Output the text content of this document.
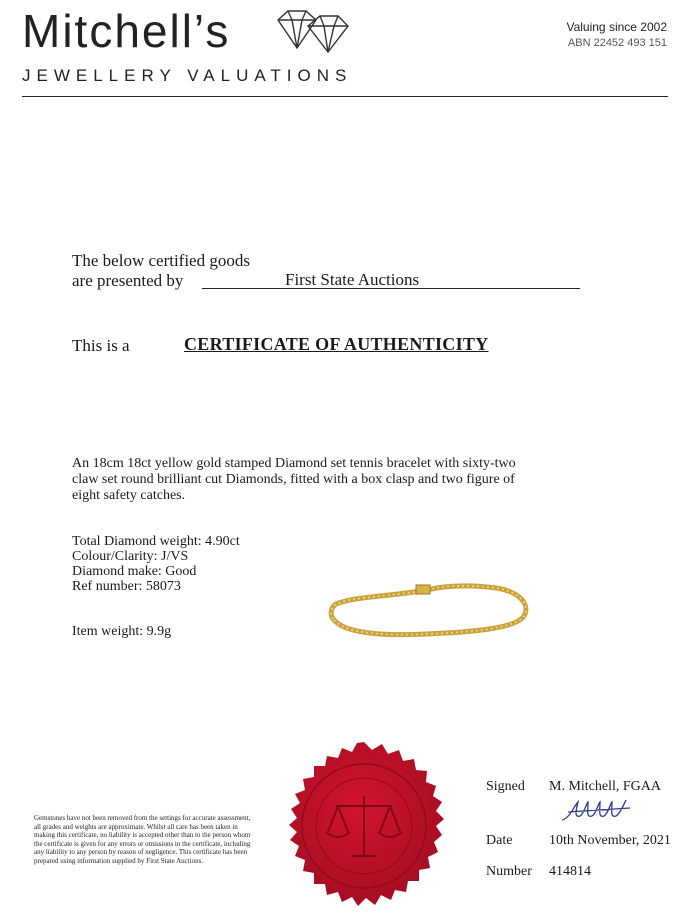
Mitchell’s
JEWELLERY VALUATIONS
Valuing since 2002
ABN 22452 493 151
The below certified goods
are presented by	First State Auctions
This is a	CERTIFICATE OF AUTHENTICITY
An 18cm 18ct yellow gold stamped Diamond set tennis bracelet with sixty-two claw set round brilliant cut Diamonds, fitted with a box clasp and two figure of eight safety catches.
Total Diamond weight: 4.90ct
Colour/Clarity: J/VS
Diamond make: Good
Ref number: 58073
Item weight: 9.9g
Signed M. Mitchell, FGAA
Date	10th November, 2021
Number 414814
Gemstones have not been removed from the settings for accurate assessment, all grades and weights are approximate. Whilst all care has been taken in making this certificate, no liability is accepted other than to the person whom the certificate is given for any errors or omissions in the certificate, including any liability to any person by reason of negligence. This certificate has been prepared using information supplied by First State Auctions.
